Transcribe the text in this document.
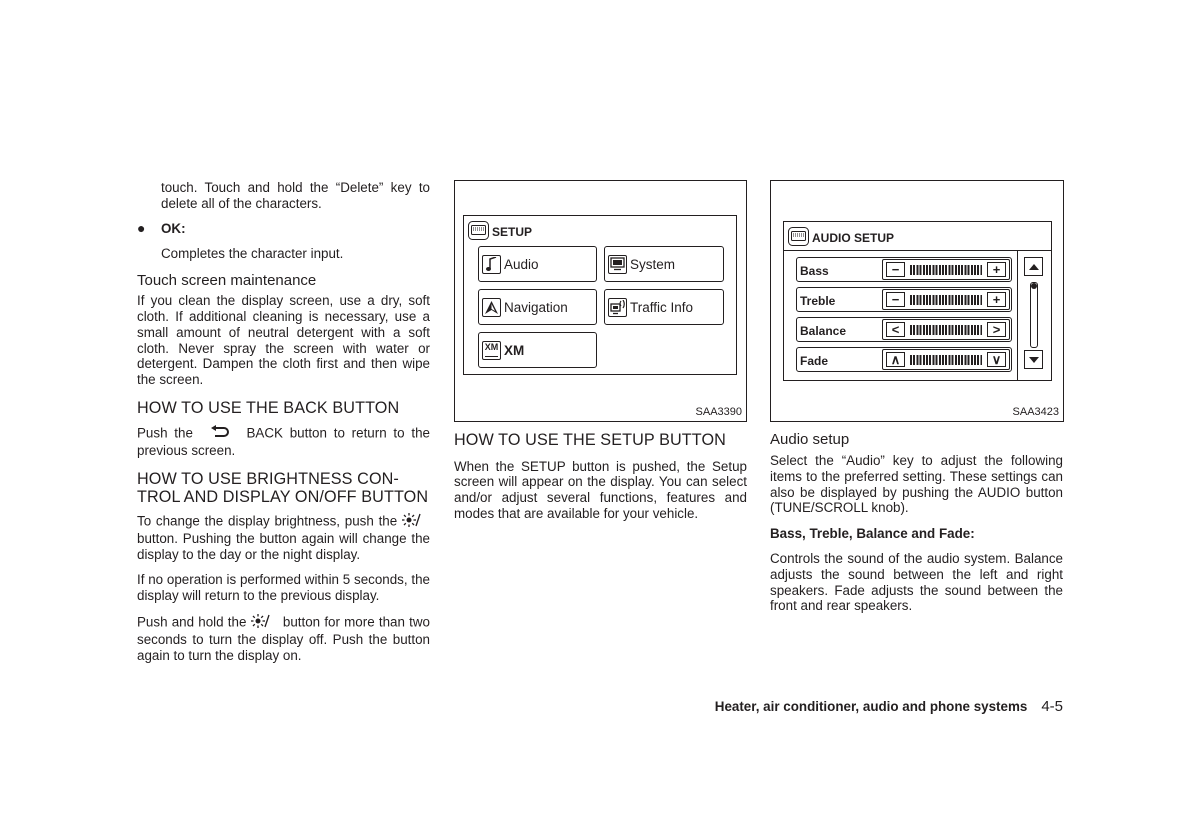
touch. Touch and hold the “Delete” key to delete all of the characters.

● OK:

Completes the character input.

Touch screen maintenance

If you clean the display screen, use a dry, soft cloth. If additional cleaning is necessary, use a small amount of neutral detergent with a soft cloth. Never spray the screen with water or detergent. Dampen the cloth first and then wipe the screen.

HOW TO USE THE BACK BUTTON

Push the	BACK button to return to the previous screen.

HOW TO USE BRIGHTNESS CON-
TROL AND DISPLAY ON/OFF BUTTON

To change the display brightness, push the  button. Pushing the button again will change the display to the day or the night display.

If no operation is performed within 5 seconds, the display will return to the previous display.

Push and hold the	button for more than two seconds to turn the display off. Push the button again to turn the display on.

SETUP
Audio	System
Navigation	Traffic Info
XM XM
SAA3390
HOW TO USE THE SETUP BUTTON

When the SETUP button is pushed, the Setup screen will appear on the display. You can select and/or adjust several functions, features and modes that are available for your vehicle.

AUDIO SETUP
Bass	−	+
Treble	−	+
Balance	<	>
Fade	∧	∨
SAA3423
Audio setup

Select the “Audio” key to adjust the following items to the preferred setting. These settings can also be displayed by pushing the AUDIO button (TUNE/SCROLL knob).

Bass, Treble, Balance and Fade:

Controls the sound of the audio system. Balance adjusts the sound between the left and right speakers. Fade adjusts the sound between the front and rear speakers.

Heater, air conditioner, audio and phone systems 4-5
